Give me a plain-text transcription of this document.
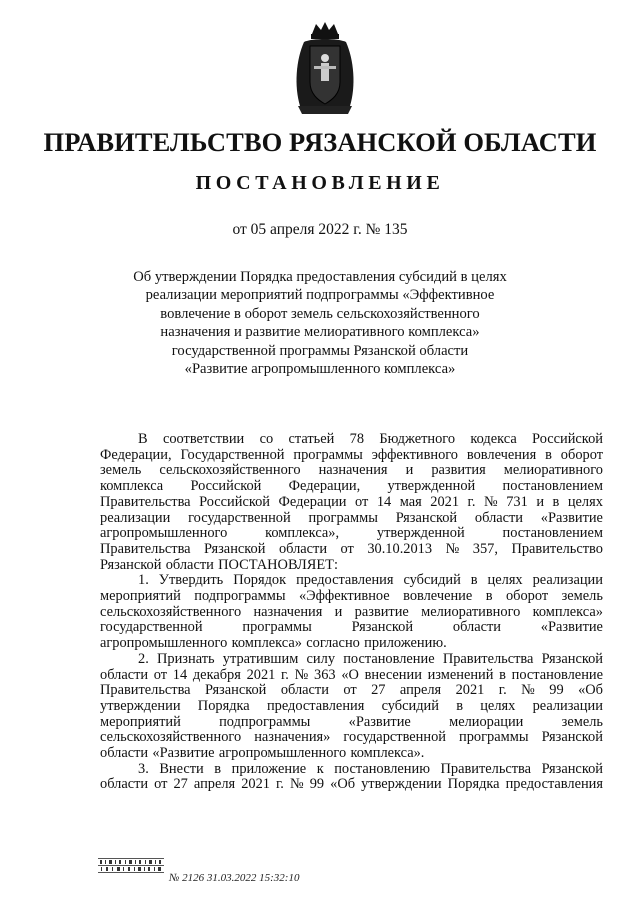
ПРАВИТЕЛЬСТВО РЯЗАНСКОЙ ОБЛАСТИ
ПОСТАНОВЛЕНИЕ
от 05 апреля 2022 г. № 135
Об утверждении Порядка предоставления субсидий в целях
реализации мероприятий подпрограммы «Эффективное
вовлечение в оборот земель сельскохозяйственного
назначения и развитие мелиоративного комплекса»
государственной программы Рязанской области
«Развитие агропромышленного комплекса»
В соответствии со статьей 78 Бюджетного кодекса Российской
Федерации, Государственной программы эффективного вовлечения в оборот
земель сельскохозяйственного назначения и развития мелиоративного
комплекса Российской Федерации, утвержденной постановлением
Правительства Российской Федерации от 14 мая 2021 г. № 731 и в целях
реализации государственной программы Рязанской области «Развитие
агропромышленного	комплекса»,	утвержденной	постановлением
Правительства Рязанской области от 30.10.2013 № 357, Правительство
Рязанской области ПОСТАНОВЛЯЕТ:
1. Утвердить Порядок предоставления субсидий в целях реализации
мероприятий подпрограммы «Эффективное вовлечение в оборот земель
сельскохозяйственного назначения и развитие мелиоративного комплекса»
государственной	программы	Рязанской	области	«Развитие
агропромышленного комплекса» согласно приложению.
2. Признать утратившим силу постановление Правительства Рязанской
области от 14 декабря 2021 г. № 363 «О внесении изменений в постановление
Правительства Рязанской области от 27 апреля 2021 г. № 99 «Об
утверждении Порядка предоставления субсидий в целях реализации
мероприятий	подпрограммы	«Развитие	мелиорации	земель
сельскохозяйственного назначения» государственной программы Рязанской
области «Развитие агропромышленного комплекса».
3. Внести в приложение к постановлению Правительства Рязанской
области от 27 апреля 2021 г. № 99 «Об утверждении Порядка предоставления
№ 2126 31.03.2022 15:32:10
